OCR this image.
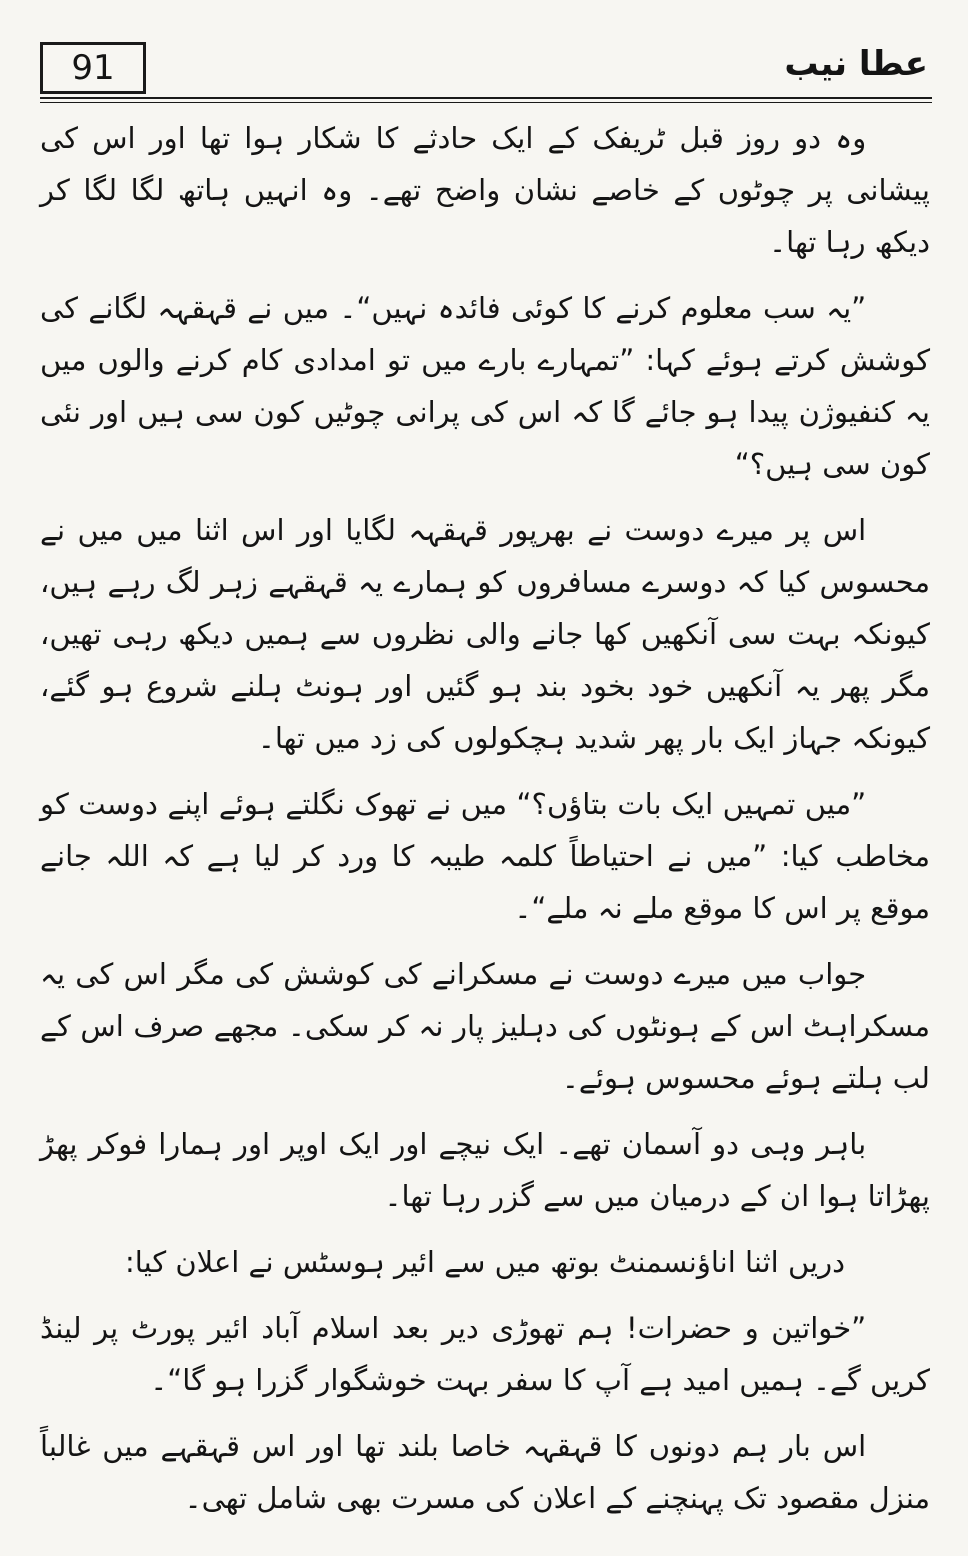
91	عطا نیب

وہ دو روز قبل ٹریفک کے ایک حادثے کا شکار ہوا تھا اور اس کی پیشانی پر چوٹوں کے خاصے نشان واضح تھے۔ وہ انہیں ہاتھ لگا لگا کر دیکھ رہا تھا۔

”یہ سب معلوم کرنے کا کوئی فائدہ نہیں“۔ میں نے قہقہہ لگانے کی کوشش کرتے ہوئے کہا: ”تمہارے بارے میں تو امدادی کام کرنے والوں میں یہ کنفیوژن پیدا ہو جائے گا کہ اس کی پرانی چوٹیں کون سی ہیں اور نئی کون سی ہیں؟“

اس پر میرے دوست نے بھرپور قہقہہ لگایا اور اس اثنا میں میں نے محسوس کیا کہ دوسرے مسافروں کو ہمارے یہ قہقہے زہر لگ رہے ہیں، کیونکہ بہت سی آنکھیں کھا جانے والی نظروں سے ہمیں دیکھ رہی تھیں، مگر پھر یہ آنکھیں خود بخود بند ہو گئیں اور ہونٹ ہلنے شروع ہو گئے، کیونکہ جہاز ایک بار پھر شدید ہچکولوں کی زد میں تھا۔

”میں تمہیں ایک بات بتاؤں؟“ میں نے تھوک نگلتے ہوئے اپنے دوست کو مخاطب کیا: ”میں نے احتیاطاً کلمہ طیبہ کا ورد کر لیا ہے کہ اللہ جانے موقع پر اس کا موقع ملے نہ ملے“۔

جواب میں میرے دوست نے مسکرانے کی کوشش کی مگر اس کی یہ مسکراہٹ اس کے ہونٹوں کی دہلیز پار نہ کر سکی۔ مجھے صرف اس کے لب ہلتے ہوئے محسوس ہوئے۔

باہر وہی دو آسمان تھے۔ ایک نیچے اور ایک اوپر اور ہمارا فوکر پھڑ پھڑاتا ہوا ان کے درمیان میں سے گزر رہا تھا۔

دریں اثنا اناؤنسمنٹ بوتھ میں سے ائیر ہوسٹس نے اعلان کیا:

”خواتین و حضرات! ہم تھوڑی دیر بعد اسلام آباد ائیر پورٹ پر لینڈ کریں گے۔ ہمیں امید ہے آپ کا سفر بہت خوشگوار گزرا ہو گا“۔

اس بار ہم دونوں کا قہقہہ خاصا بلند تھا اور اس قہقہے میں غالباً منزل مقصود تک پہنچنے کے اعلان کی مسرت بھی شامل تھی۔
